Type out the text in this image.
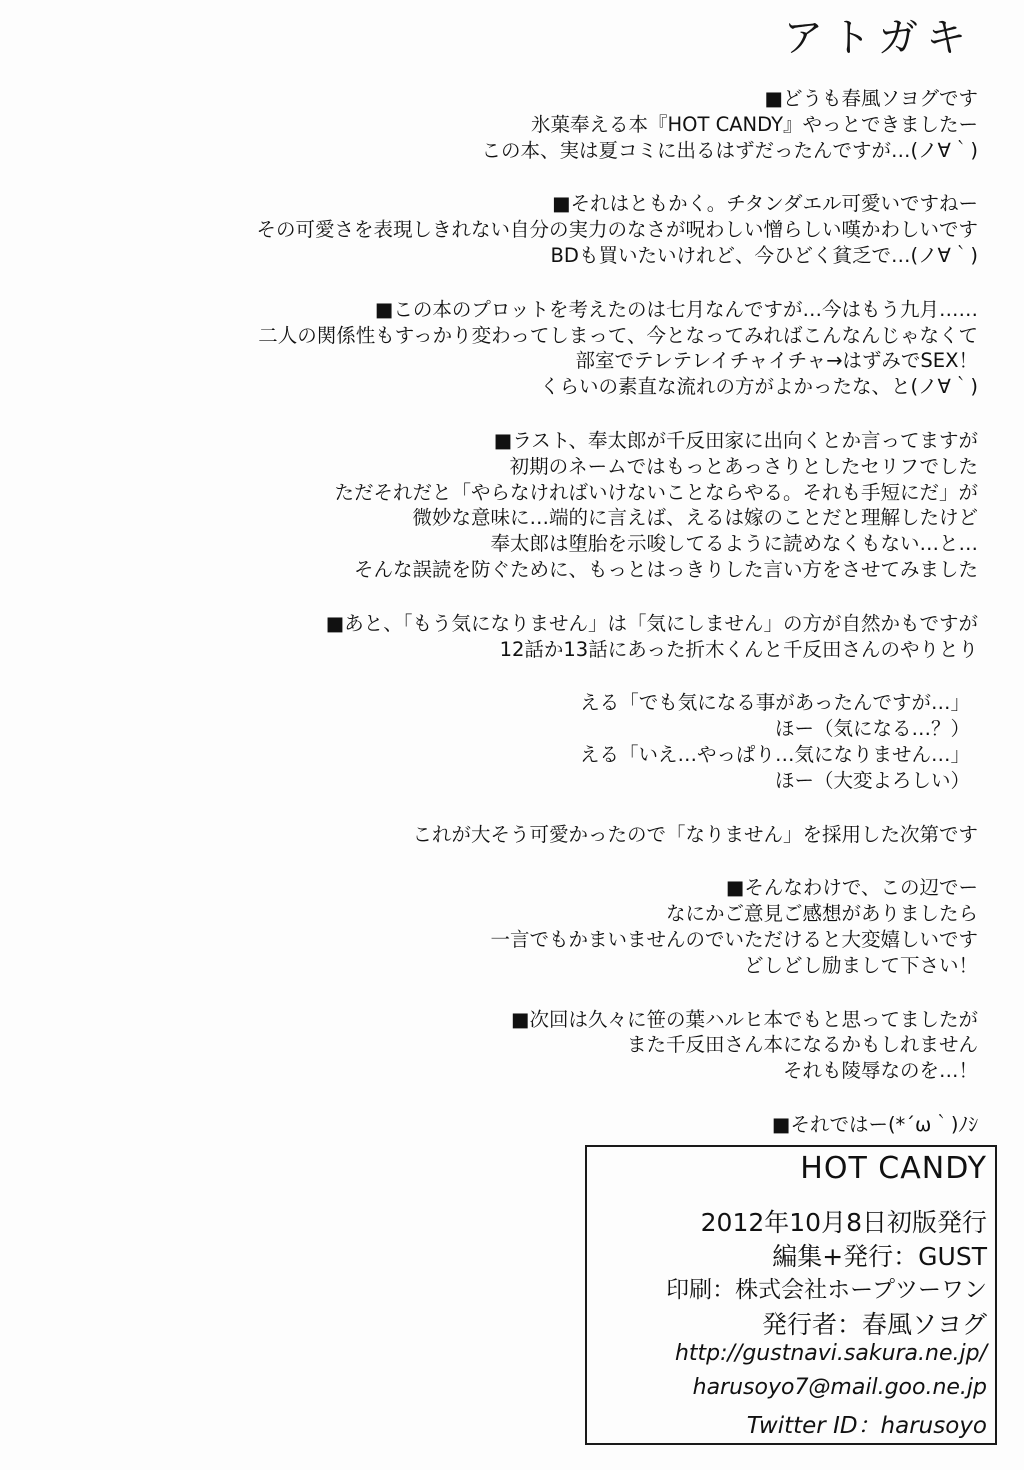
アトガキ
■どうも春風ソヨグです
氷菓奉える本『HOT CANDY』やっとできましたー
この本、実は夏コミに出るはずだったんですが…(ノ∀｀)
■それはともかく。チタンダエル可愛いですねー
その可愛さを表現しきれない自分の実力のなさが呪わしい憎らしい嘆かわしいです
BDも買いたいけれど、今ひどく貧乏で…(ノ∀｀)
■この本のプロットを考えたのは七月なんですが…今はもう九月……
二人の関係性もすっかり変わってしまって、今となってみればこんなんじゃなくて
部室でテレテレイチャイチャ→はずみでSEX！
くらいの素直な流れの方がよかったな、と(ノ∀｀)
■ラスト、奉太郎が千反田家に出向くとか言ってますが
初期のネームではもっとあっさりとしたセリフでした
ただそれだと「やらなければいけないことならやる。それも手短にだ」が
微妙な意味に…端的に言えば、えるは嫁のことだと理解したけど
奉太郎は堕胎を示唆してるように読めなくもない…と…
そんな誤読を防ぐために、もっとはっきりした言い方をさせてみました
■あと、「もう気になりません」は「気にしません」の方が自然かもですが
12話か13話にあった折木くんと千反田さんのやりとり
える「でも気になる事があったんですが…」
ほー（気になる…？）
える「いえ…やっぱり…気になりません…」
ほー（大変よろしい）
これが大そう可愛かったので「なりません」を採用した次第です
■そんなわけで、この辺でー
なにかご意見ご感想がありましたら
一言でもかまいませんのでいただけると大変嬉しいです
どしどし励まして下さい！
■次回は久々に笹の葉ハルヒ本でもと思ってましたが
また千反田さん本になるかもしれません
それも陵辱なのを…！
■それではー(*´ω｀)ﾉｼ
HOT CANDY
2012年10月8日初版発行
編集+発行：GUST
印刷：株式会社ホープツーワン
発行者：春風ソヨグ
http://gustnavi.sakura.ne.jp/
harusoyo7@mail.goo.ne.jp
Twitter ID：harusoyo
